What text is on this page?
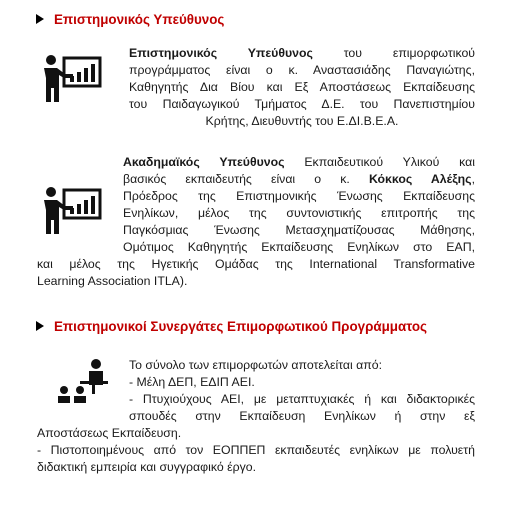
Επιστημονικός Υπεύθυνος
Επιστημονικός Υπεύθυνος του επιμορφωτικού
προγράμματος είναι ο κ. Αναστασιάδης Παναγιώτης,
Καθηγητής Δια Βίου και Εξ Αποστάσεως Εκπαίδευσης
του Παιδαγωγικού Τμήματος Δ.Ε. του Πανεπιστημίου
Κρήτης, Διευθυντής του Ε.ΔΙ.Β.Ε.Α.
Ακαδημαϊκός Υπεύθυνος Εκπαιδευτικού Υλικού και
βασικός εκπαιδευτής είναι ο κ. Κόκκος Αλέξης,
Πρόεδρος της Επιστημονικής Ένωσης Εκπαίδευσης
Ενηλίκων, μέλος της συντονιστικής επιτροπής της
Παγκόσμιας Ένωσης Μετασχηματίζουσας Μάθησης,
Ομότιμος Καθηγητής Εκπαίδευσης Ενηλίκων στο ΕΑΠ,
και μέλος της Ηγετικής Ομάδας της International Transformative
Learning Association ITLA).
Επιστημονικοί Συνεργάτες Επιμορφωτικού Προγράμματος
Το σύνολο των επιμορφωτών αποτελείται από:
- Μέλη ΔΕΠ, ΕΔΙΠ ΑΕΙ.
- Πτυχιούχους ΑΕΙ, με μεταπτυχιακές ή και διδακτορικές
σπουδές στην Εκπαίδευση Ενηλίκων ή στην εξ
Αποστάσεως Εκπαίδευση.
- Πιστοποιημένους από τον ΕΟΠΠΕΠ εκπαιδευτές ενηλίκων με πολυετή
διδακτική εμπειρία και συγγραφικό έργο.
